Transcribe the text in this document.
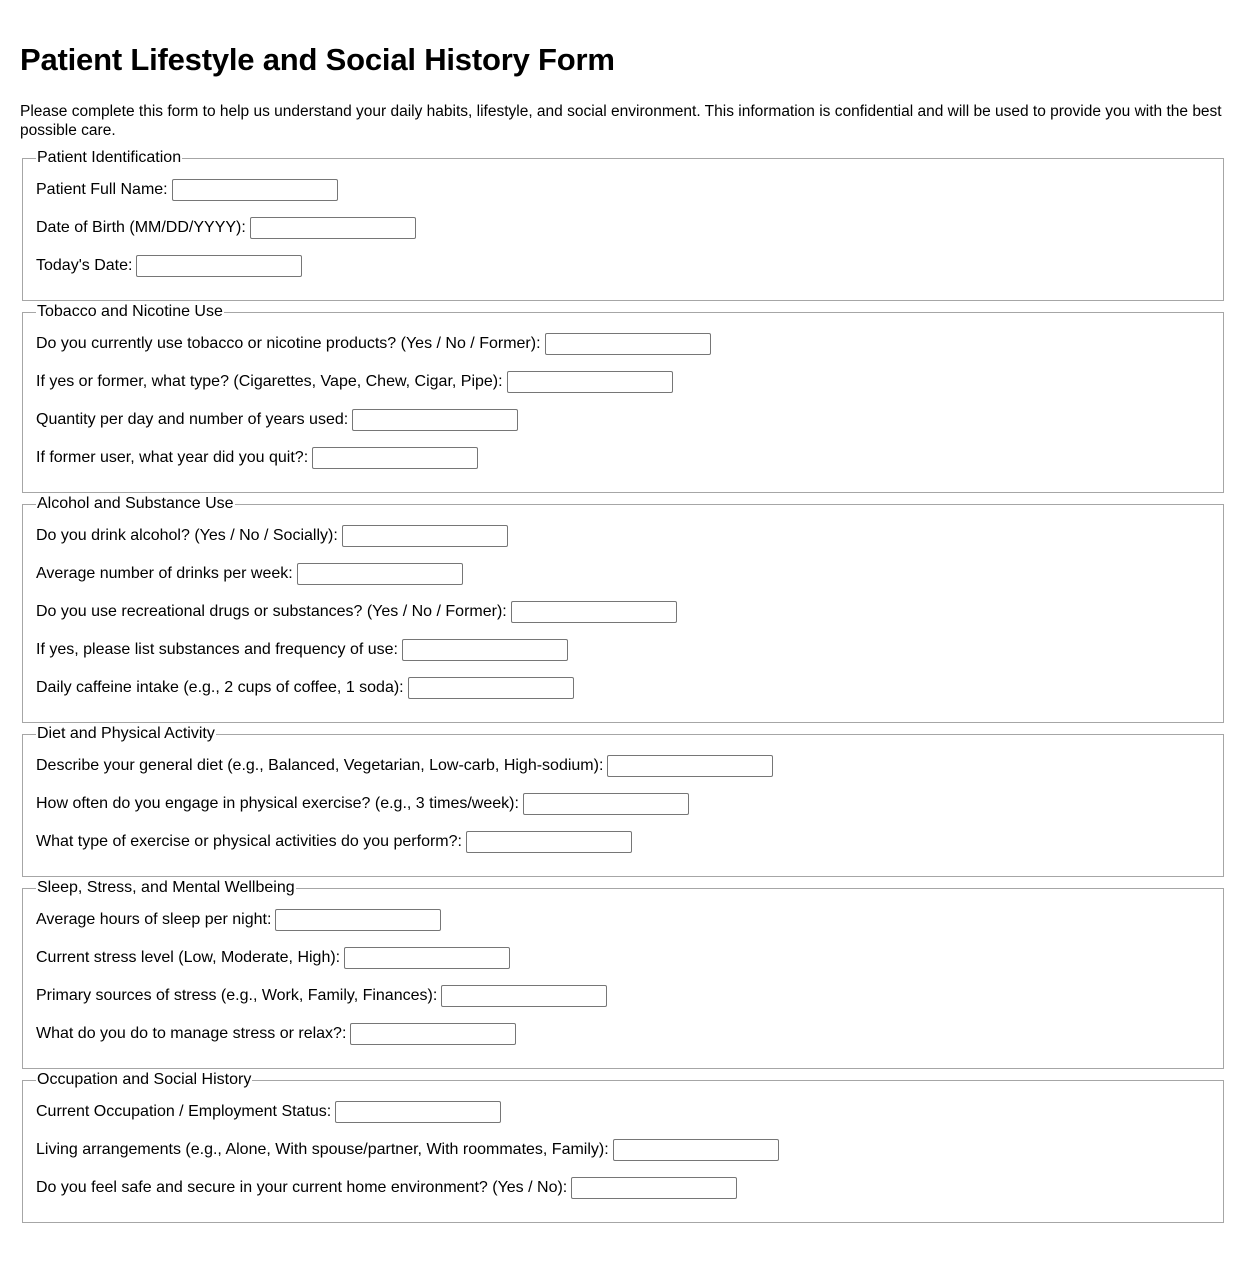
Patient Lifestyle and Social History Form

Please complete this form to help us understand your daily habits, lifestyle, and social environment. This information is confidential and will be used to provide you with the best possible care.

Patient Identification
Patient Full Name:
Date of Birth (MM/DD/YYYY):
Today's Date:
Tobacco and Nicotine Use
Do you currently use tobacco or nicotine products? (Yes / No / Former):
If yes or former, what type? (Cigarettes, Vape, Chew, Cigar, Pipe):
Quantity per day and number of years used:
If former user, what year did you quit?:
Alcohol and Substance Use
Do you drink alcohol? (Yes / No / Socially):
Average number of drinks per week:
Do you use recreational drugs or substances? (Yes / No / Former):
If yes, please list substances and frequency of use:
Daily caffeine intake (e.g., 2 cups of coffee, 1 soda):
Diet and Physical Activity
Describe your general diet (e.g., Balanced, Vegetarian, Low-carb, High-sodium):
How often do you engage in physical exercise? (e.g., 3 times/week):
What type of exercise or physical activities do you perform?:
Sleep, Stress, and Mental Wellbeing
Average hours of sleep per night:
Current stress level (Low, Moderate, High):
Primary sources of stress (e.g., Work, Family, Finances):
What do you do to manage stress or relax?:
Occupation and Social History
Current Occupation / Employment Status:
Living arrangements (e.g., Alone, With spouse/partner, With roommates, Family):
Do you feel safe and secure in your current home environment? (Yes / No):
